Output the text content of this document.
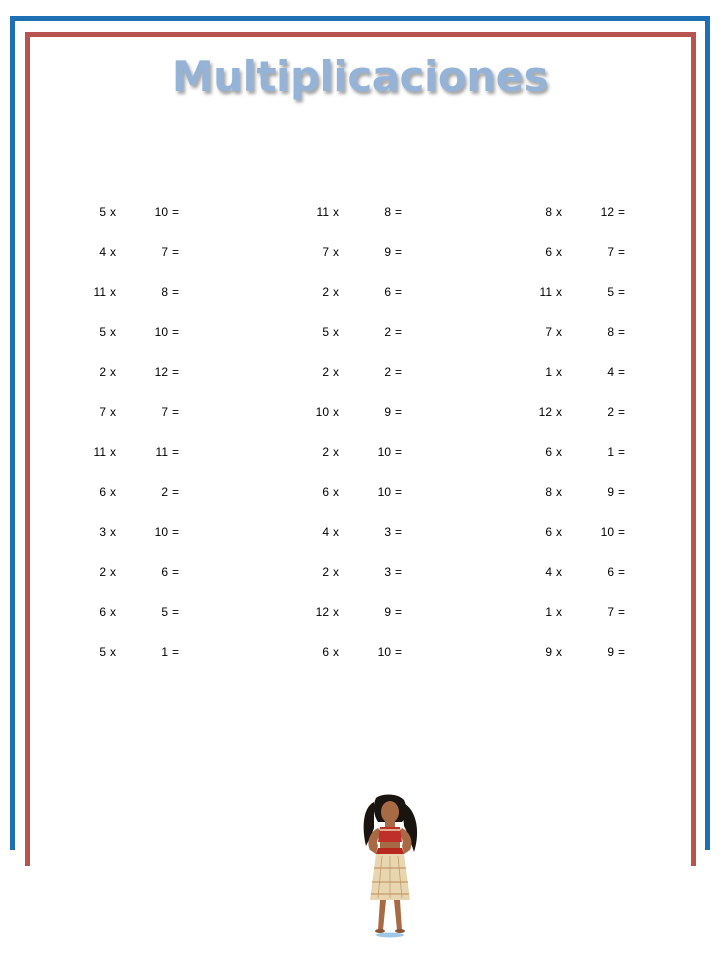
Multiplicaciones
5 x	10 =
4 x	7 =
11 x	8 =
5 x	10 =
2 x	12 =
7 x	7 =
11 x	11 =
6 x	2 =
3 x	10 =
2 x	6 =
6 x	5 =
5 x	1 =
11 x	8 =
7 x	9 =
2 x	6 =
5 x	2 =
2 x	2 =
10 x	9 =
2 x	10 =
6 x	10 =
4 x	3 =
2 x	3 =
12 x	9 =
6 x	10 =
8 x	12 =
6 x	7 =
11 x	5 =
7 x	8 =
1 x	4 =
12 x	2 =
6 x	1 =
8 x	9 =
6 x	10 =
4 x	6 =
1 x	7 =
9 x	9 =
